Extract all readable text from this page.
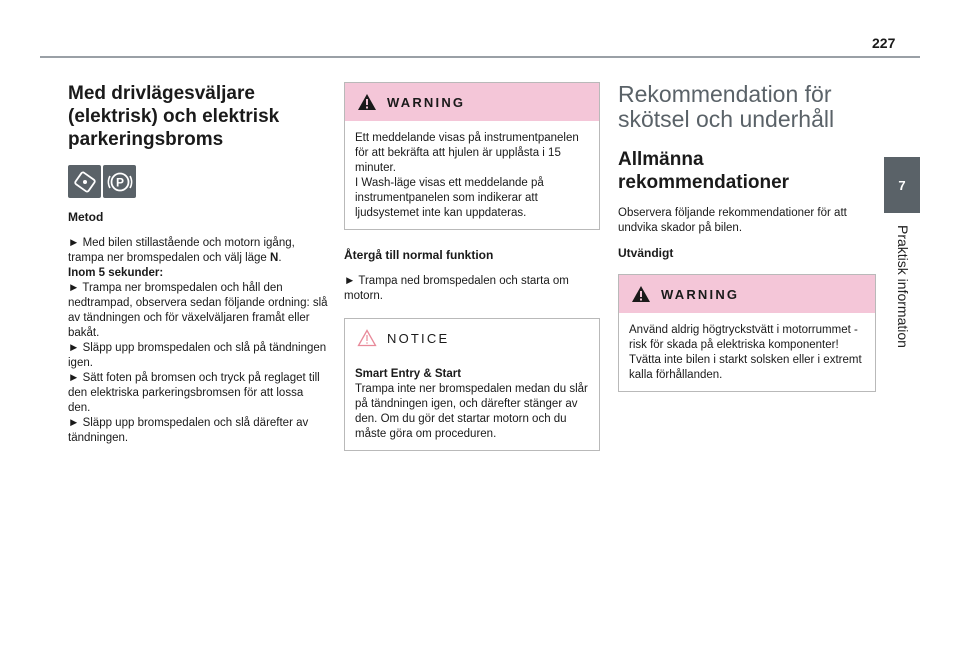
227
7
Praktisk information
Med drivlägesväljare (elektrisk) och elektrisk parkeringsbroms
P
Metod

► Med bilen stillastående och motorn igång, trampa ner bromspedalen och välj läge N.

Inom 5 sekunder:

► Trampa ner bromspedalen och håll den nedtrampad, observera sedan följande ordning: slå av tändningen och för växelväljaren framåt eller bakåt.

► Släpp upp bromspedalen och slå på tändningen igen.

► Sätt foten på bromsen och tryck på reglaget till den elektriska parkeringsbromsen för att lossa den.

► Släpp upp bromspedalen och slå därefter av tändningen.

WARNING

Ett meddelande visas på instrumentpanelen för att bekräfta att hjulen är upplåsta i 15 minuter.

I Wash-läge visas ett meddelande på instrumentpanelen som indikerar att ljudsystemet inte kan uppdateras.

Återgå till normal funktion

► Trampa ned bromspedalen och starta om motorn.

NOTICE

Smart Entry & Start

Trampa inte ner bromspedalen medan du slår på tändningen igen, och därefter stänger av den. Om du gör det startar motorn och du måste göra om proceduren.

Rekommendation för skötsel och underhåll
Allmänna rekommendationer

Observera följande rekommendationer för att undvika skador på bilen.

Utvändigt
WARNING

Använd aldrig högtryckstvätt i motorrummet - risk för skada på elektriska komponenter!

Tvätta inte bilen i starkt solsken eller i extremt kalla förhållanden.
